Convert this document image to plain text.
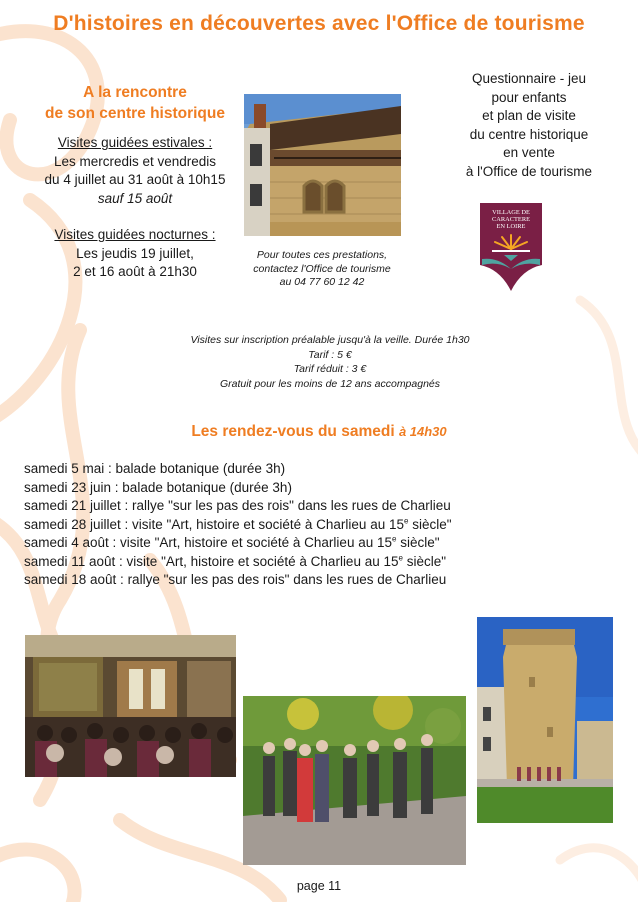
D'histoires en découvertes avec l'Office de tourisme
A la rencontre
de son centre historique
Visites guidées estivales :
Les mercredis et vendredis
du 4 juillet au 31 août à 10h15
sauf 15 août
Visites guidées nocturnes :
Les jeudis 19 juillet,
2 et 16 août à 21h30
Pour toutes ces prestations,
contactez l'Office de tourisme
au 04 77 60 12 42
Questionnaire - jeu
pour enfants
et plan de visite
du centre historique
en vente
à l'Office de tourisme
VILLAGE DE
CARACTERE
EN LOIRE
Visites sur inscription préalable jusqu'à la veille. Durée 1h30
Tarif : 5 €
Tarif réduit : 3 €
Gratuit pour les moins de 12 ans accompagnés
Les rendez-vous du samedi à 14h30
samedi 5 mai : balade botanique (durée 3h)
samedi 23 juin : balade botanique (durée 3h)
samedi 21 juillet : rallye "sur les pas des rois" dans les rues de Charlieu
samedi 28 juillet : visite "Art, histoire et société à Charlieu au 15e siècle"
samedi 4 août : visite "Art, histoire et société à Charlieu au 15e siècle"
samedi 11 août : visite "Art, histoire et société à Charlieu au 15e siècle"
samedi 18 août : rallye "sur les pas des rois" dans les rues de Charlieu
page 11
